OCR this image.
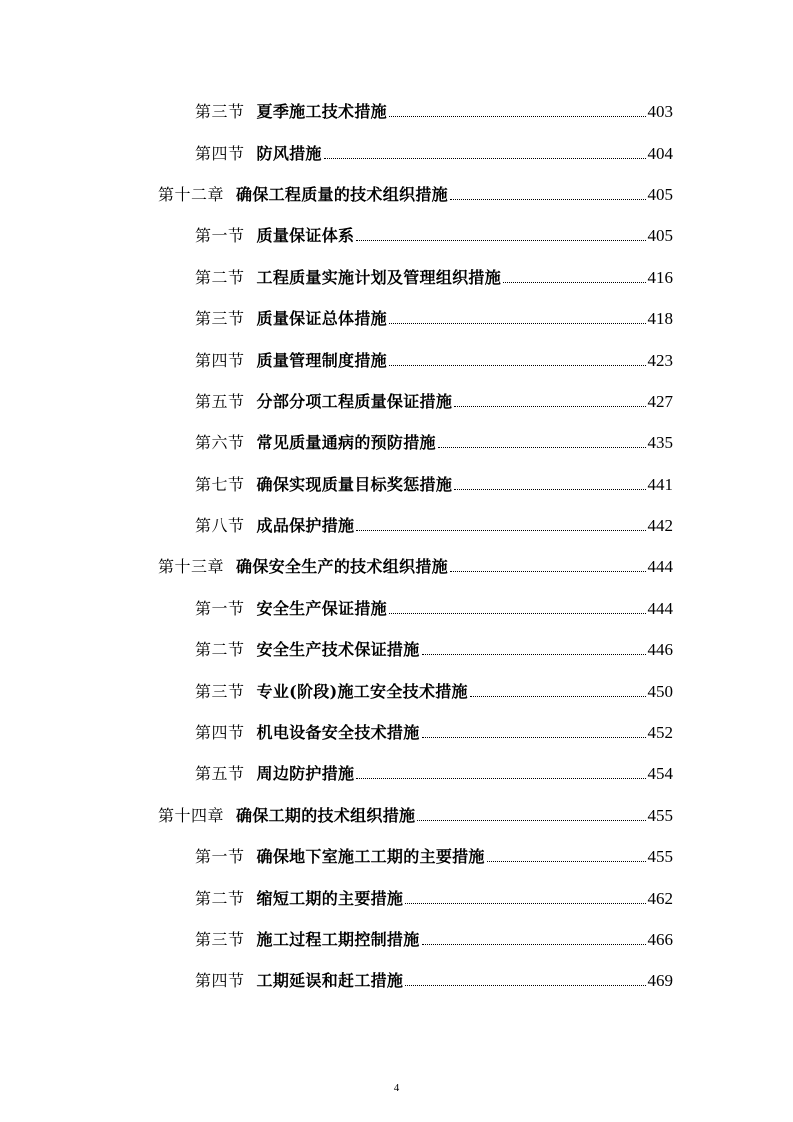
第三节 夏季施工技术措施	403
第四节 防风措施	404
第十二章 确保工程质量的技术组织措施	405
第一节 质量保证体系	405
第二节 工程质量实施计划及管理组织措施	416
第三节 质量保证总体措施	418
第四节 质量管理制度措施	423
第五节 分部分项工程质量保证措施	427
第六节 常见质量通病的预防措施	435
第七节 确保实现质量目标奖惩措施	441
第八节 成品保护措施	442
第十三章 确保安全生产的技术组织措施	444
第一节 安全生产保证措施	444
第二节 安全生产技术保证措施	446
第三节 专业(阶段)施工安全技术措施	450
第四节 机电设备安全技术措施	452
第五节 周边防护措施	454
第十四章 确保工期的技术组织措施	455
第一节 确保地下室施工工期的主要措施	455
第二节 缩短工期的主要措施	462
第三节 施工过程工期控制措施	466
第四节 工期延误和赶工措施	469
4
